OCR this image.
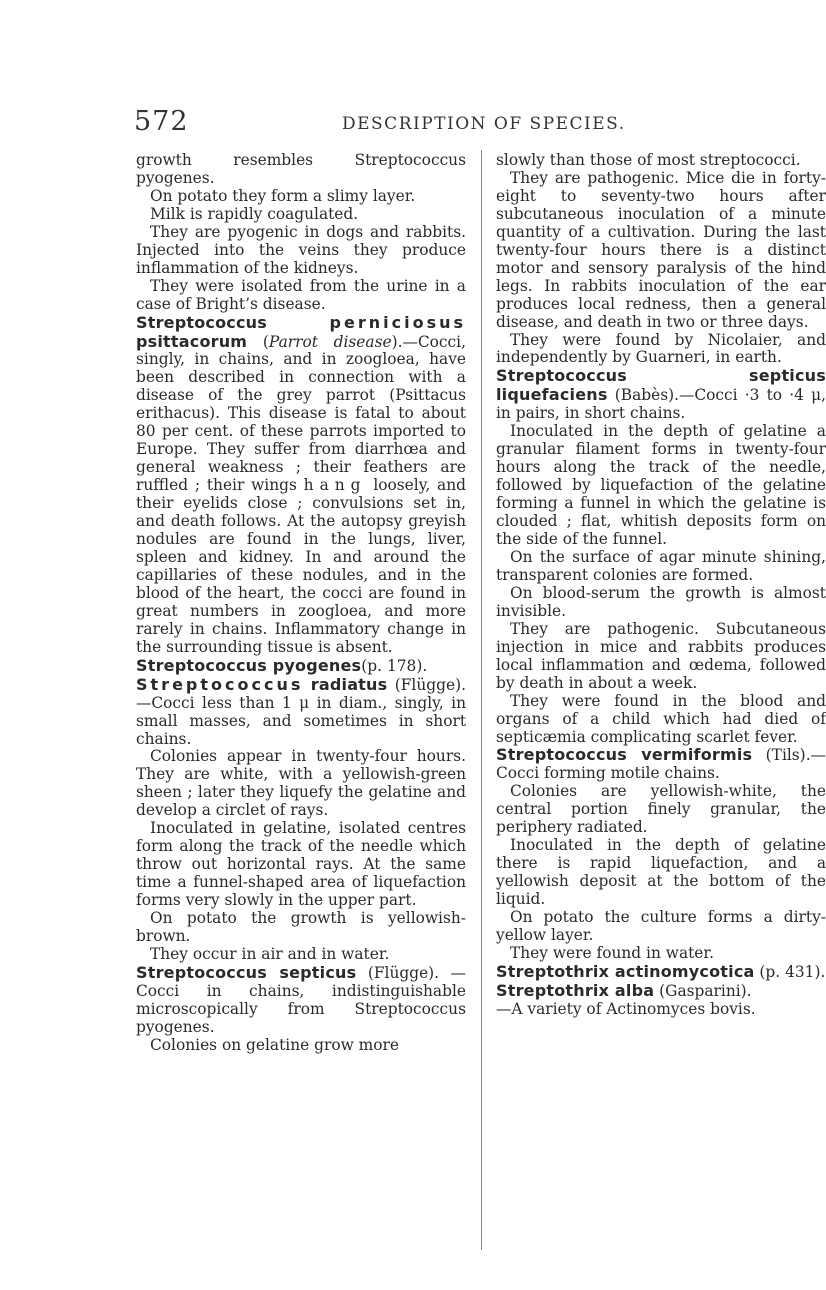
572	DESCRIPTION OF SPECIES.

growth resembles Streptococcus pyogenes.

On potato they form a slimy layer.

Milk is rapidly coagulated.

They are pyogenic in dogs and rabbits. Injected into the veins they produce inflammation of the kidneys.

They were isolated from the urine in a case of Bright’s disease.

Streptococcus	perniciosus psittacorum (Parrot disease).—Cocci, singly, in chains, and in zoogloea, have been described in connection with a disease of the grey parrot (Psittacus erithacus). This disease is fatal to about 80 per cent. of these parrots imported to Europe. They suffer from diarrhœa and general weakness ; their feathers are ruffled ; their wings hang loosely, and their eyelids close ; convulsions set in, and death follows. At the autopsy greyish nodules are found in the lungs, liver, spleen and kidney. In and around the capillaries of these nodules, and in the blood of the heart, the cocci are found in great numbers in zoogloea, and more rarely in chains. Inflammatory change in the surrounding tissue is absent.

Streptococcus pyogenes(p. 178).

Streptococcus radiatus (Flügge).—Cocci less than 1 μ in diam., singly, in small masses, and sometimes in short chains.

Colonies appear in twenty-four hours. They are white, with a yellowish-green sheen ; later they liquefy the gelatine and develop a circlet of rays.

Inoculated in gelatine, isolated centres form along the track of the needle which throw out horizontal rays. At the same time a funnel-shaped area of liquefaction forms very slowly in the upper part.

On potato the growth is yellowish-brown.

They occur in air and in water.

Streptococcus septicus (Flügge). —Cocci in chains, indistinguishable microscopically from Streptococcus pyogenes.

Colonies on gelatine grow more

slowly than those of most streptococci.

They are pathogenic. Mice die in forty-eight to seventy-two hours after subcutaneous inoculation of a minute quantity of a cultivation. During the last twenty-four hours there is a distinct motor and sensory paralysis of the hind legs. In rabbits inoculation of the ear produces local redness, then a general disease, and death in two or three days.

They were found by Nicolaier, and independently by Guarneri, in earth.

Streptococcus septicus liquefaciens (Babès).—Cocci ·3 to ·4 μ, in pairs, in short chains.

Inoculated in the depth of gelatine a granular filament forms in twenty-four hours along the track of the needle, followed by liquefaction of the gelatine forming a funnel in which the gelatine is clouded ; flat, whitish deposits form on the side of the funnel.

On the surface of agar minute shining, transparent colonies are formed.

On blood-serum the growth is almost invisible.

They are pathogenic. Subcutaneous injection in mice and rabbits produces local inflammation and œdema, followed by death in about a week.

They were found in the blood and organs of a child which had died of septicæmia complicating scarlet fever.

Streptococcus vermiformis (Tils).—Cocci forming motile chains.

Colonies are yellowish-white, the central portion finely granular, the periphery radiated.

Inoculated in the depth of gelatine there is rapid liquefaction, and a yellowish deposit at the bottom of the liquid.

On potato the culture forms a dirty-yellow layer.

They were found in water.

Streptothrix actinomycotica (p. 431).

Streptothrix alba (Gasparini).

—A variety of Actinomyces bovis.
